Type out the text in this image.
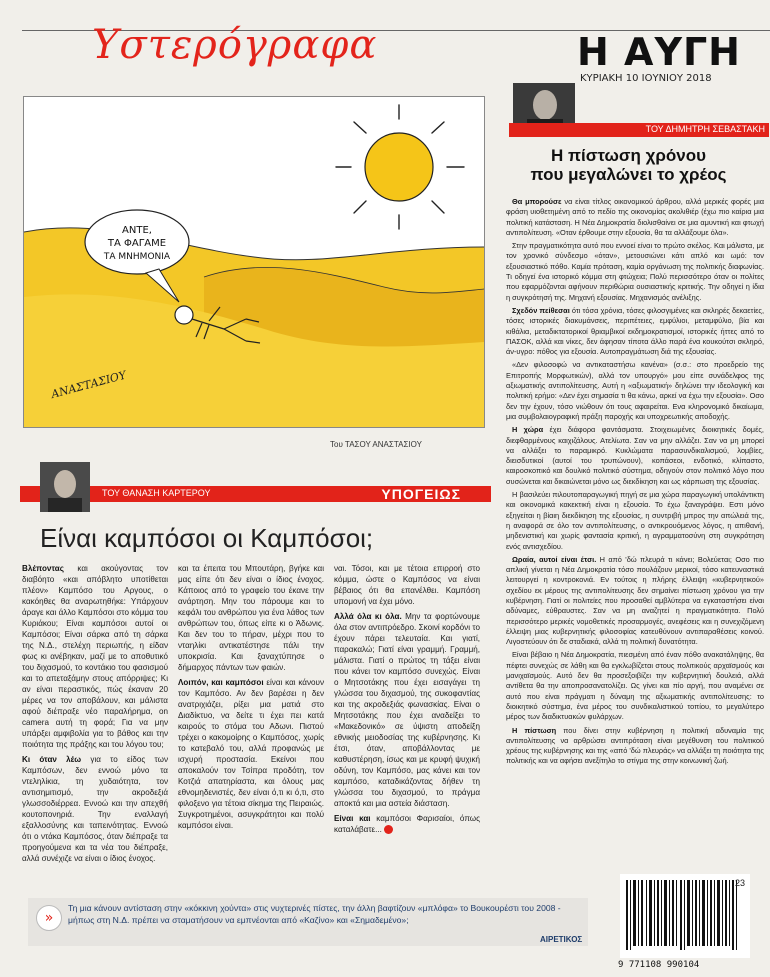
Υστερόγραφα	Η ΑΥΓΗ
ΚΥΡΙΑΚΗ 10 ΙΟΥΝΙΟΥ 2018
ΑΝΤΕ,
ΤΑ ΦΑΓΑΜΕ
ΤΑ ΜΝΗΜΟΝΙΑ
ΑΝΑΣΤΑΣΙΟΥ
Του ΤΑΣΟΥ ΑΝΑΣΤΑΣΙΟΥ
ΤΟΥ ΔΗΜΗΤΡΗ ΣΕΒΑΣΤΑΚΗ
Η πίστωση χρόνου
που μεγαλώνει το χρέος

Θα μπορούσε να είναι τίτλος οικονομικού άρθρου, αλλά μερικές φορές μια φράση υιοθετημένη από το πεδίο της οικονομίας ακολιθιέρ (έχω πιο καίρια μια πολιτική κατάσταση. Η Νέα Δημοκρατία διολισθαίνει σε μια αμυντική και φτωχή αντιπολίτευση. «Οταν έρθουμε στην εξουσία, θα τα αλλάξουμε όλα».

Στην πραγματικότητα αυτό που εννοεί είναι το πρώτο σκέλος. Και μάλιστα, με τον χρονικό σύνδεσμο «όταν», μετουσιώνει κάτι απλό και ωμό: τον εξουσιαστικό πόθο. Καμία πρόταση, καμία οργάνωση της πολιτικής διαφωνίας. Τι οδηγεί ένα ιστορικό κόμμα στη φτώχεια; Πολύ περισσότερο όταν οι πολίτες που εφαρμόζονται αφήνουν περιθώρια ουσιαστικής κριτικής. Την οδηγεί η ίδια η συγκρότησή της. Μηχανή εξουσίας. Μηχανισμός ανέλιξης.

Σχεδόν πείθεσαι ότι τόσα χρόνια, τόσες φιλοσγιμένες και σκληρές δεκαετίες, τόσες ιστορικές διακυμάνσεις, περιπέτειες, εμφύλιοι, μεταμφύλιο, βία και κιθάλια, μεταδικτατορικοί θριαμβικοί εκδημοκρατισμοί, ιστορικές ήττες από το ΠΑΣΟΚ, αλλά και νίκες, δεν άφησαν τίποτα άλλο παρά ένα κουκούτσι σκληρό, άν-υγρο: πόθος για εξουσία. Αυτοπραγμάτωση διά της εξουσίας.

«Δεν φιλοσοφώ να αντικαταστήσω κανένα» (σ.σ.: στο προεδρείο της Επιτροπής Μορφωτικών), αλλά τον υπουργό» μου είπε συνάδελφος της αξιωματικής αντιπολίτευσης. Αυτή η «αξιωματική» δηλώνει την ιδεολογική και πολιτική ερήμο: «Δεν έχει σημασία τι θα κάνω, αρκεί να έχω την εξουσία». Οσο δεν την έχουν, τόσο νιώθουν ότι τους αφαιρείται. Ενα κληρονομικό δικαίωμα, μια συμβολαιογραφική πράξη παροχής και υποχρεωτικής αποδοχής.

Η χώρα έχει διάφορα φαντάσματα. Στοιχειωμένες διοικητικές δομές, διεφθαρμένους καιχιζάλους. Ατελίωτα. Σαν να μην αλλάζει. Σαν να μη μπορεί να αλλάξει το παραμικρό. Κυκλώματα παρασυνδικαλισμού, λομβίες, διεισδυτικοί (αυτοί του τρυπώνουν), κοπάσεοι, ενδοτικό, κλίπαστο, καιροσκοπικό και δουλικό πολιτικό σύστημα, οδηγούν στον πολιτικό λόγο που συσώνεται και δικαιώνεται μόνο ως διεκδίκηση και ως κάρπωση της εξουσίας.

Η βασιλεύει πιλουτοπαραγωγική πηγή σε μια χώρα παραγωγική υπολάντικτη και οικονομικά κακεκτική είναι η εξουσία. Το έχω ξαναγράψει. Εστι μόνο εξηγείται η βίαιη διεκδίκηση της εξουσίας, η συντριβή μπρος την απώλειά της, η αναφορά σε όλο τον αντιπολίτευσης, ο αντικρουόμενος λόγος, η απιθανή, μηδενιστική και χωρίς φαντασία κριτική, η αγραμματοσύνη στη συγκρότηση ενός αντισχεδίου.

Ωραία, αυτοί είναι έτσι. Η από 'δώ πλευρά τι κάνει; Βολεύεται; Οσο πιο απλική γίνεται η Νέα Δημοκρατία τόσο πουλάζουν μερικοί, τόσο κατευναστικά λειτουργεί η κοντροκονιά. Εν τούτοις η πλήρης έλλειψη «κυβερνητικού» σχεδίου εκ μέρους της αντιπολίτευσης δεν σημαίνει πίστωση χρόνου για την κυβέρνηση. Γιατί οι πολιτείες που προσαθεί αμβλύτερα να εγκαταστήσει είναι αδύναμες, εύθραυστες. Σαν να μη αναζητεί η πραγματικότητα. Πολύ περισσότερο μερικές νομοθετικές προσαρμογές, ανεφέσεις και η συνεχιζόμενη έλλειψη μιας κυβερνητικής φιλοσοφίας κατευθύνουν αντιπαραθέσεις κοινού. Λιγοστεύουν ότι δε σταδιακά, αλλά τη πολιτική δυνατότητα.

Είναι βέβαιο η Νέα Δημοκρατία, πιεσμένη από έναν πόθο ανακατάληψης, θα πέφτει συνεχώς σε λάθη και θα εγκλωβίζεται στους πολιτικούς αρχαϊσμούς και μανιχαϊσμούς. Αυτό δεν θα προσεξοιβίζει την κυβερνητική δουλειά, αλλά αντίθετα θα την αποπροσανατολίζει. Ως γίνει και πίο αργή, που αναμένει σε αυτό που είναι πράγματι η δύναμη της αξιωματικής αντιπολίτευσης: το διοικητικό σύστημα, ένα μέρος του συνδικαλιστικού τοπίου, το μεγαλύτερο μέρος των διαδικτυακών φυλάρχων.

Η πίστωση που δίνει στην κυβέρνηση η πολιτική αδυναμία της αντιπολίτευσης να αρθρώσει αντιπρόταση είναι μεγέθυνση του πολιτικού χρέους της κυβέρνησης και της «από 'δώ πλευράς» να αλλάξει τη ποιότητα της πολιτικής και να αφήσει ανεξίτηλο το στίγμα της στην κοινωνική ζωή.

ΤΟΥ ΘΑΝΑΣΗ ΚΑΡΤΕΡΟΥ	ΥΠΟΓΕΙΩΣ
Είναι καμπόσοι οι Καμπόσοι;

Βλέποντας και ακούγοντας τον διαβόητο «και απόβλητο υποτίθεται πλέον» Καμπόσο του Αργους, ο κακόηθες θα αναρωτηθήκε: Υπάρχουν άραγε και άλλο Καμπόσοι στο κόμμα του Κυριάκου; Είναι καμπόσοι αυτοί οι Καμπόσοι; Είναι σάρκα από τη σάρκα της Ν.Δ., στελέχη περιωπής, η είδαν φως κι ανέβηκαν, μαζί με το αποθυτικό του διχασμού, το κοντάκιο του φασισμού και το απεταξάμην στους απόρριψες; Κι αν είναι περαστικός, πώς έκαναν 20 μέρες να τον αποβάλουν, και μάλιστα αφού διέπραξε νέο παραλήρημα, on camera αυτή τη φορά; Για να μην υπάρξει αμφιβολία για το βάθος και την ποιότητα της πράξης και του λόγου του;

Κι όταν λέω για το είδος των Καμπόσων, δεν εννοώ μόνο τα ντεληλίκια, τη χυδαιότητα, τον αντισημιτισμό, την ακροδεξιά γλωσσοδιέρρεα. Εννοώ και την απεχθή κουτοπονηριά. Την εναλλαγή εξαλλοσύνης και ταπεινότητας. Εννοώ ότι ο ντάκα Καμπόσος, όταν διέπραξε τα προηγούμενα και τα νέα του διέπραξε, αλλά συνέχιζε να είναι ο ίδιος ένοχος.

και τα έπειτα του Μπουτάρη, βγήκε και μας είπε ότι δεν είναι ο ίδιος ένοχος. Κάποιος από το γραφείο του έκανε την ανάρτηση. Μην του πάρουμε και το κεφάλι του ανθρώπου για ένα λάθος των ανθρώπων του, όπως είπε κι ο Άδωνις. Και δεν του το πήραν, μέχρι που το νταηλίκι αντικατέστησε πάλι την υποκρισία. Και ξαναχτύπησε ο δήμαρχος πάντων των φαιών.

Λοιπόν, και καμπόσοι είναι και κάνουν τον Καμπόσο. Αν δεν βαρέσει η δεν ανατριχιάζει, ρίξει μια ματιά στο Διαδίκτυο, να δείτε τι έχει πει κατά καιρούς το στόμα του Αδωνι. Πιστού τρέχει ο κακομοίρης ο Καμπόσος, χωρίς το κατεβαλό του, αλλά προφανώς με ισχυρή προστασία. Εκείνοι που αποκαλούν τον Τσίπρα προδότη, τον Κοτζιά απατηρίαστα, και όλους μας εθνομηδενιστές, δεν είναι ό,τι κι ό,τι, στο φιλοξενο για τέτοια σίκημα της Πειραιώς. Συγκροτημένοι, ασυγκράτητοι και πολύ καμπόσοι είναι.

ναι. Τόσοι, και με τέτοια επιρροή στο κόμμα, ώστε ο Καμπόσος να είναι βέβαιος ότι θα επανέλθει. Καμπόση υπομονή να έχει μόνο.

Αλλά όλα κι όλα. Μην τα φορτώνουμε όλα στον αντιπρόεδρο. Σκοινί κορδόνι το έχουν πάρει τελευταία. Και γιατί, παρακαλώ; Γιατί είναι γραμμή. Γραμμή, μάλιστα. Γιατί ο πρώτος τη τάξει είναι που κάνει τον καμπόσο συνεχώς. Είναι ο Μητσοτάκης που έχει εισαγάγει τη γλώσσα του διχασμού, της συκοφαντίας και της ακροδεξιάς φωνασκίας. Είναι ο Μητσοτάκης που έχει αναδείξει το «Μακεδονικό» σε ύψιστη αποδείξη εθνικής μειοδοσίας της κυβέρνησης. Κι έτσι, όταν, αποβάλλοντας με καθυστέρηση, ίσως και με κρυφή ψυχική οδύνη, τον Καμπόσο, μας κάνει και τον καμπόσο, καταδικάζοντας δήθεν τη γλώσσα του διχασμού, το πράγμα αποκτά και μια αστεία διάσταση.

Είναι και καμπόσοι Φαρισαίοι, όπως καταλάβατε...

»
Τη μια κάνουν αντίσταση στην «κόκκινη χούντα» στις νυχτερινές πίστες, την άλλη βαφτίζουν «μπλόφα» το Βουκουρέστι του 2008 - μήπως στη Ν.Δ. πρέπει να σταματήσουν να εμπνέονται από «Καζίνο» και «Σημαδεμένο»;
ΑΙΡΕΤΙΚΟΣ
23
9 771108 990104
